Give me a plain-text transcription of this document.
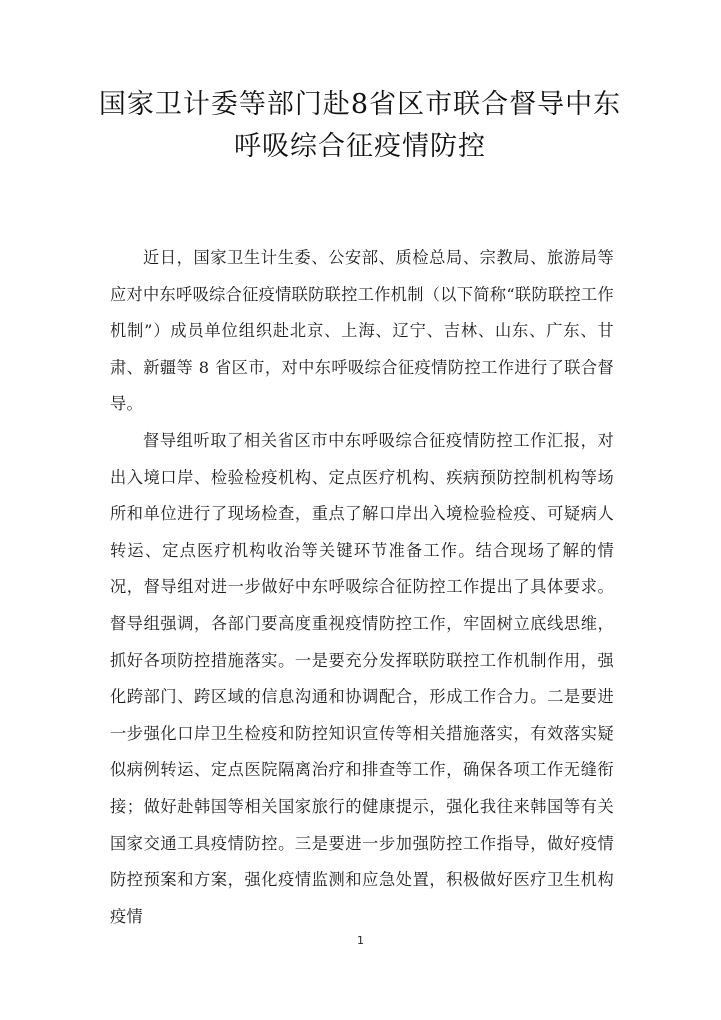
国家卫计委等部门赴8省区市联合督导中东呼吸综合征疫情防控

近日，国家卫生计生委、公安部、质检总局、宗教局、旅游局等应对中东呼吸综合征疫情联防联控工作机制（以下简称“联防联控工作机制”）成员单位组织赴北京、上海、辽宁、吉林、山东、广东、甘肃、新疆等 8 省区市，对中东呼吸综合征疫情防控工作进行了联合督导。

督导组听取了相关省区市中东呼吸综合征疫情防控工作汇报，对出入境口岸、检验检疫机构、定点医疗机构、疾病预防控制机构等场所和单位进行了现场检查，重点了解口岸出入境检验检疫、可疑病人转运、定点医疗机构收治等关键环节准备工作。结合现场了解的情况，督导组对进一步做好中东呼吸综合征防控工作提出了具体要求。督导组强调，各部门要高度重视疫情防控工作，牢固树立底线思维，抓好各项防控措施落实。一是要充分发挥联防联控工作机制作用，强化跨部门、跨区域的信息沟通和协调配合，形成工作合力。二是要进一步强化口岸卫生检疫和防控知识宣传等相关措施落实，有效落实疑似病例转运、定点医院隔离治疗和排查等工作，确保各项工作无缝衔接；做好赴韩国等相关国家旅行的健康提示，强化我往来韩国等有关国家交通工具疫情防控。三是要进一步加强防控工作指导，做好疫情防控预案和方案，强化疫情监测和应急处置，积极做好医疗卫生机构疫情

1
